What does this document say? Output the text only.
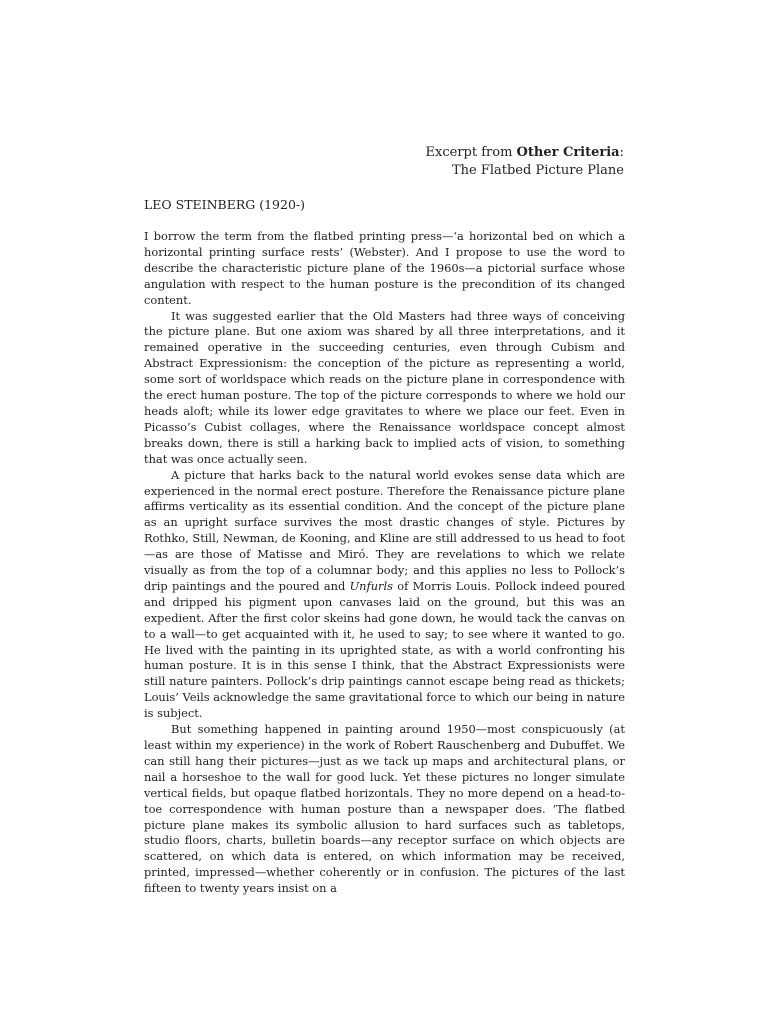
Excerpt from Other Criteria:
The Flatbed Picture Plane
LEO STEINBERG (1920-)

I borrow the term from the flatbed printing press—‘a horizontal bed on which a horizontal printing surface rests’ (Webster). And I propose to use the word to describe the characteristic picture plane of the 1960s—a pictorial surface whose angulation with respect to the human posture is the precondition of its changed content.

It was suggested earlier that the Old Masters had three ways of conceiving the picture plane. But one axiom was shared by all three interpretations, and it remained operative in the succeeding centuries, even through Cubism and Abstract Expressionism: the conception of the picture as representing a world, some sort of worldspace which reads on the picture plane in correspondence with the erect human posture. The top of the picture corresponds to where we hold our heads aloft; while its lower edge gravitates to where we place our feet. Even in Picasso’s Cubist collages, where the Renaissance worldspace concept almost breaks down, there is still a harking back to implied acts of vision, to something that was once actually seen.

A picture that harks back to the natural world evokes sense data which are experienced in the normal erect posture. Therefore the Renaissance picture plane affirms verticality as its essential condition. And the concept of the picture plane as an upright surface survives the most drastic changes of style. Pictures by Rothko, Still, Newman, de Kooning, and Kline are still addressed to us head to foot—as are those of Matisse and Miró. They are revelations to which we relate visually as from the top of a columnar body; and this applies no less to Pollock’s drip paintings and the poured and Unfurls of Morris Louis. Pollock indeed poured and dripped his pigment upon canvases laid on the ground, but this was an expedient. After the first color skeins had gone down, he would tack the canvas on to a wall—to get acquainted with it, he used to say; to see where it wanted to go. He lived with the painting in its uprighted state, as with a world confronting his human posture. It is in this sense I think, that the Abstract Expressionists were still nature painters. Pollock’s drip paintings cannot escape being read as thickets; Louis’ Veils acknowledge the same gravitational force to which our being in nature is subject.

But something happened in painting around 1950—most conspicuously (at least within my experience) in the work of Robert Rauschenberg and Dubuffet. We can still hang their pictures—just as we tack up maps and architectural plans, or nail a horseshoe to the wall for good luck. Yet these pictures no longer simulate vertical fields, but opaque flatbed horizontals. They no more depend on a head-to-toe correspondence with human posture than a newspaper does. ‘The flatbed picture plane makes its symbolic allusion to hard surfaces such as tabletops, studio floors, charts, bulletin boards—any receptor surface on which objects are scattered, on which data is entered, on which information may be received, printed, impressed—whether coherently or in confusion. The pictures of the last fifteen to twenty years insist on a
